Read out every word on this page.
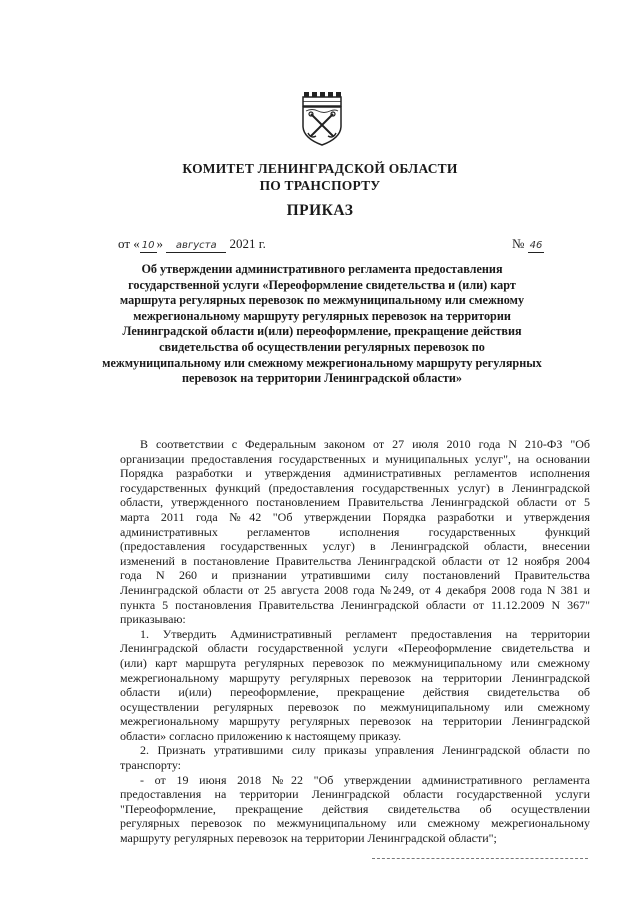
КОМИТЕТ ЛЕНИНГРАДСКОЙ ОБЛАСТИ
ПО ТРАНСПОРТУ
ПРИКАЗ
от « 10 » августа 2021 г.	№ 46

Об утверждении административного регламента предоставления

государственной услуги «Переоформление свидетельства и (или) карт

маршрута регулярных перевозок по межмуниципальному или смежному

межрегиональному маршруту регулярных перевозок на территории

Ленинградской области и(или) переоформление, прекращение действия

свидетельства об осуществлении регулярных перевозок по

межмуниципальному или смежному межрегиональному маршруту регулярных

перевозок на территории Ленинградской области»

В соответствии с Федеральным законом от 27 июля 2010 года N 210-ФЗ "Об

организации предоставления государственных и муниципальных услуг", на основании

Порядка разработки и утверждения административных регламентов исполнения

государственных функций (предоставления государственных услуг) в Ленинградской

области, утвержденного постановлением Правительства Ленинградской области от 5

марта 2011 года №42 "Об утверждении Порядка разработки и утверждения

административных регламентов исполнения государственных функций

(предоставления государственных услуг) в Ленинградской области, внесении

изменений в постановление Правительства Ленинградской области от 12 ноября 2004

года N 260 и признании утратившими силу постановлений Правительства

Ленинградской области от 25 августа 2008 года №249, от 4 декабря 2008 года N 381 и

пункта 5 постановления Правительства Ленинградской области от 11.12.2009 N 367"

приказываю:

1. Утвердить Административный регламент предоставления на территории

Ленинградской области государственной услуги «Переоформление свидетельства и

(или) карт маршрута регулярных перевозок по межмуниципальному или смежному

межрегиональному маршруту регулярных перевозок на территории Ленинградской

области и(или) переоформление, прекращение действия свидетельства об

осуществлении регулярных перевозок по межмуниципальному или смежному

межрегиональному маршруту регулярных перевозок на территории Ленинградской

области» согласно приложению к настоящему приказу.

2. Признать утратившими силу приказы управления Ленинградской области по

транспорту:

- от 19 июня 2018 №22 "Об утверждении административного регламента

предоставления на территории Ленинградской области государственной услуги

"Переоформление, прекращение действия свидетельства об осуществлении

регулярных перевозок по межмуниципальному или смежному межрегиональному

маршруту регулярных перевозок на территории Ленинградской области";
